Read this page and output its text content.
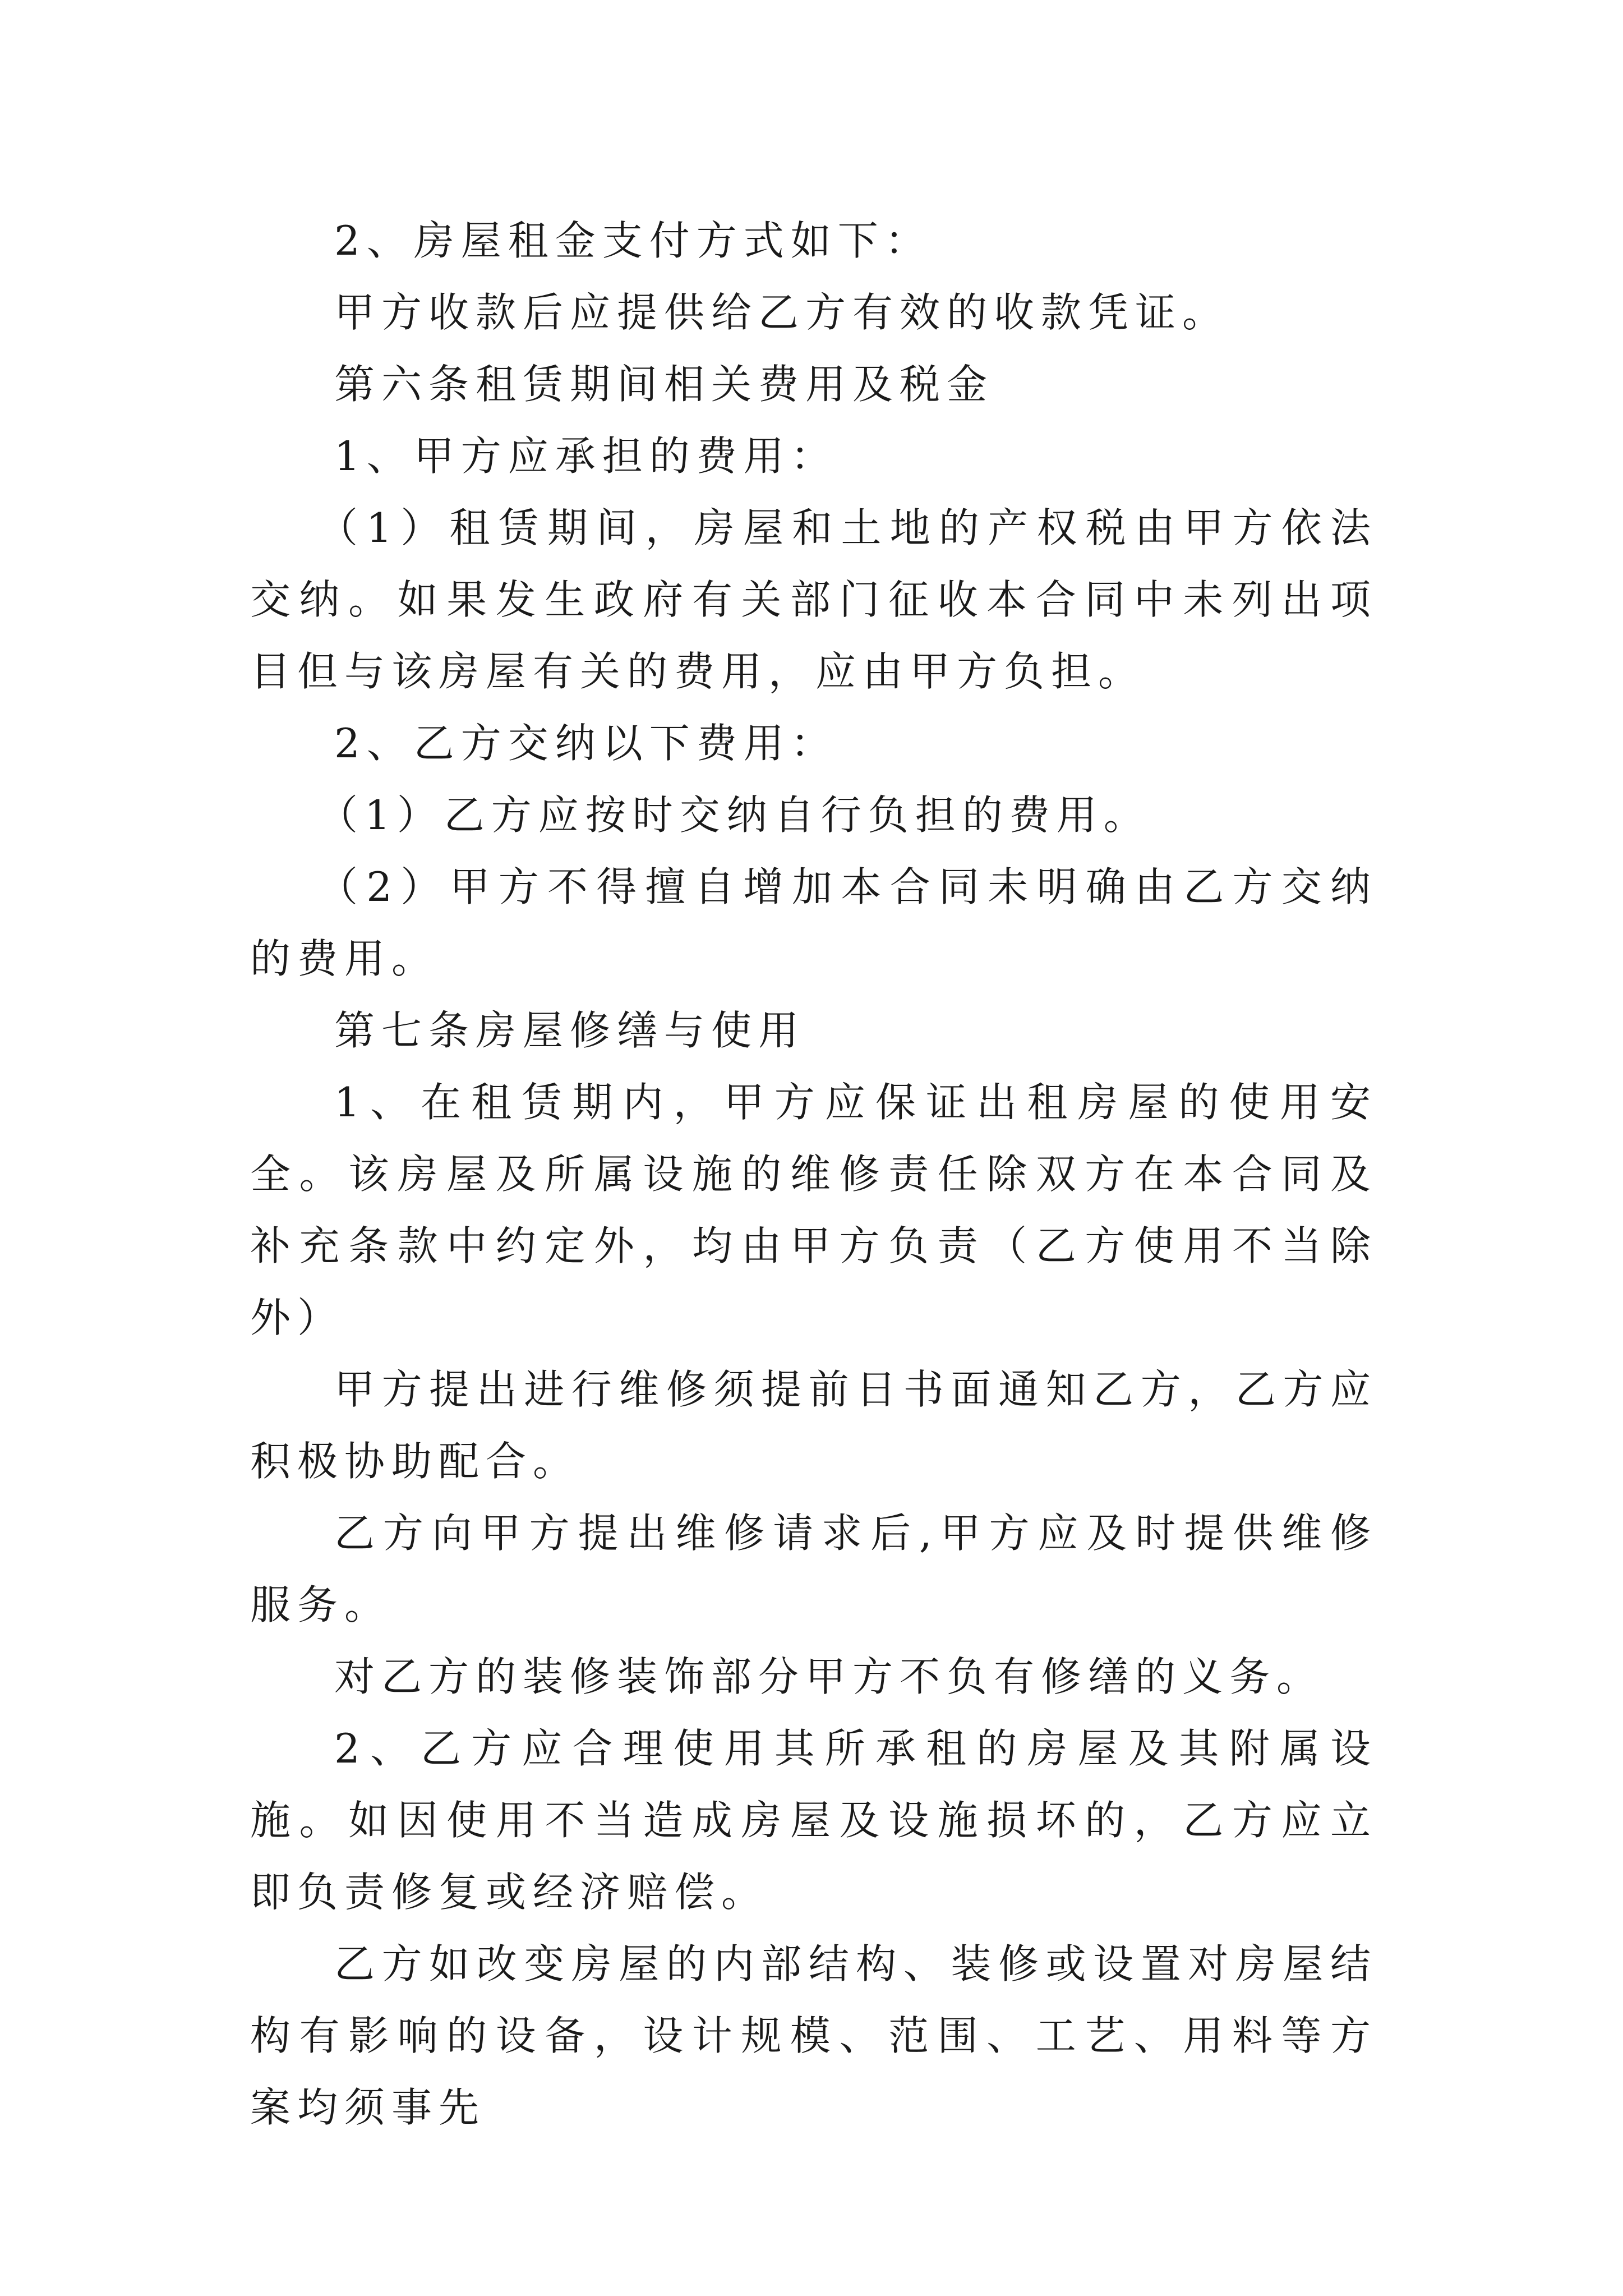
2、房屋租金支付方式如下：

甲方收款后应提供给乙方有效的收款凭证。

第六条租赁期间相关费用及税金

1、甲方应承担的费用：

（1）租赁期间，房屋和土地的产权税由甲方依法交纳。如果发生政府有关部门征收本合同中未列出项目但与该房屋有关的费用，应由甲方负担。

2、乙方交纳以下费用：

（1）乙方应按时交纳自行负担的费用。

（2）甲方不得擅自增加本合同未明确由乙方交纳的费用。

第七条房屋修缮与使用

1、在租赁期内，甲方应保证出租房屋的使用安全。该房屋及所属设施的维修责任除双方在本合同及补充条款中约定外，均由甲方负责（乙方使用不当除外）

甲方提出进行维修须提前日书面通知乙方，乙方应积极协助配合。

乙方向甲方提出维修请求后,甲方应及时提供维修服务。

对乙方的装修装饰部分甲方不负有修缮的义务。

2、乙方应合理使用其所承租的房屋及其附属设施。如因使用不当造成房屋及设施损坏的，乙方应立即负责修复或经济赔偿。

乙方如改变房屋的内部结构、装修或设置对房屋结构有影响的设备，设计规模、范围、工艺、用料等方案均须事先
